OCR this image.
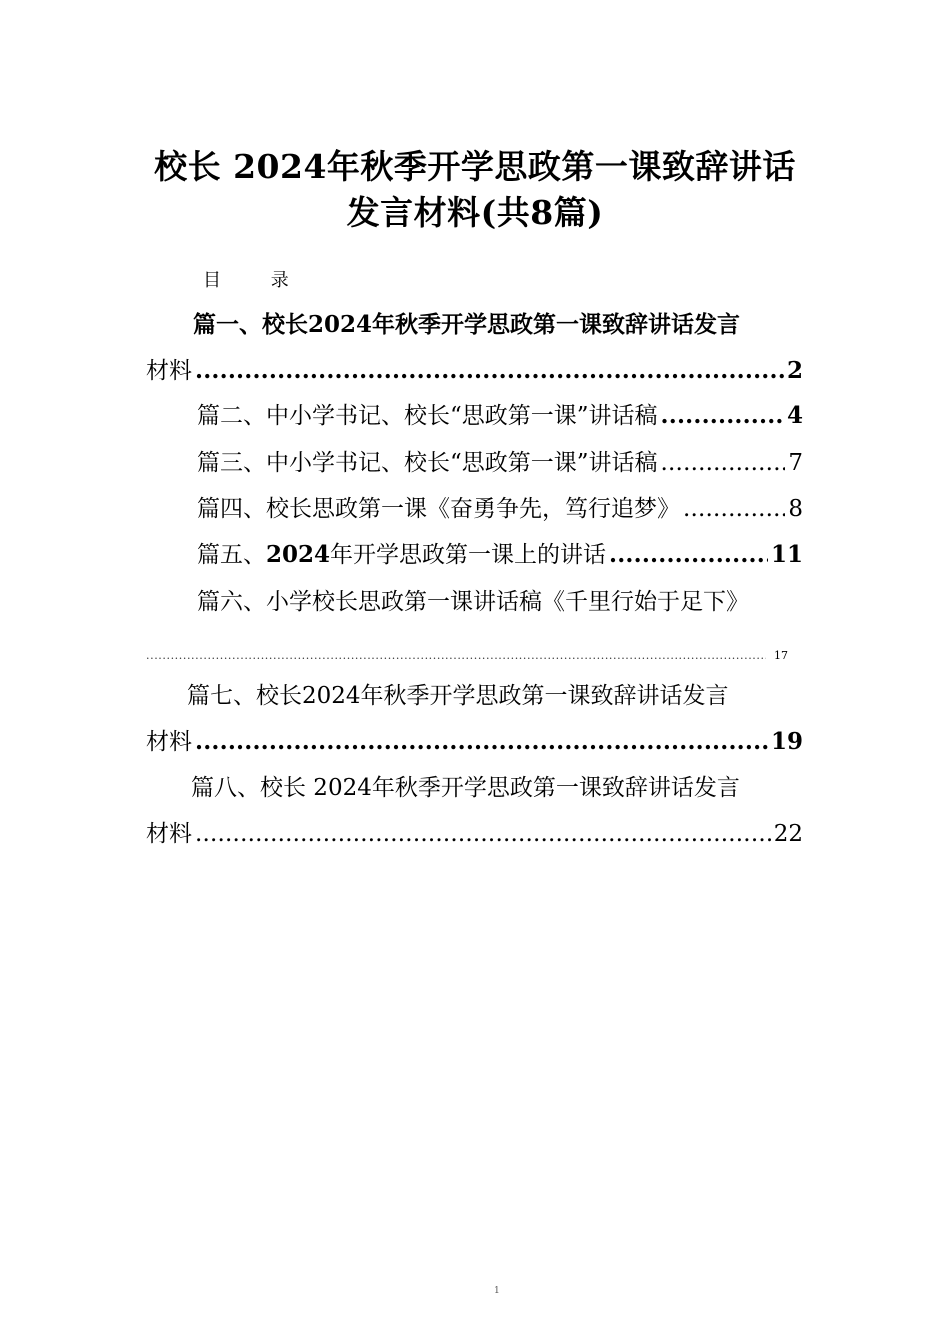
校长 2024年秋季开学思政第一课致辞讲话
发言材料(共8篇)
目 录
篇一、校长2024年秋季开学思政第一课致辞讲话发言
材料 .....	2
篇二、中小学书记、校长“思政第一课”讲话稿 .....	4
篇三、中小学书记、校长“思政第一课”讲话稿 .....	7
篇四、校长思政第一课《奋勇争先，笃行追梦》 .....	8
篇五、 2024 年开学思政第一课上的讲话 .....	11
篇六、小学校长思政第一课讲话稿《千里行始于足下》
.....
17
篇七、校长2024年秋季开学思政第一课致辞讲话发言
材料 .....	19
篇八、校长 2024年秋季开学思政第一课致辞讲话发言
材料 .....	22
1
